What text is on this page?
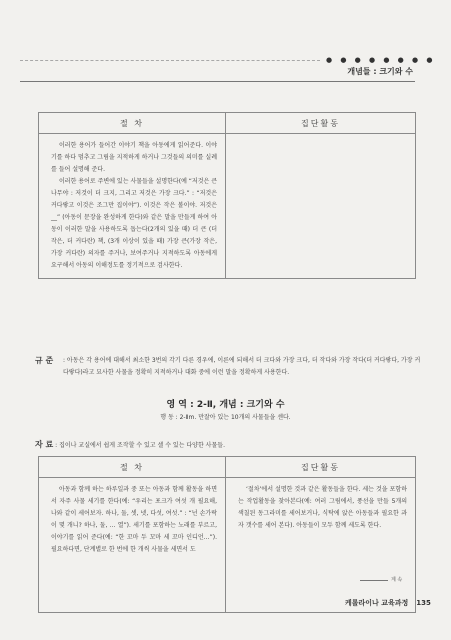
● ● ● ● ● ● ● ●
개념들 : 크기와 수
절 차	집단활동

이러한 용어가 들어간 이야기 책을 아동에게 읽어준다. 이야기를 하다 멈추고 그림을 지적하게 하거나 그것들의 의미를 실례를 들어 설명해 준다.

이러한 용어로 주변에 있는 사물들을 설명한다(예 “저것은 큰 나무야 : 저것이 더 크지, 그리고 저것은 가장 크다.” : “저것은 커다랗고 이것은 조그만 집이야”). 이것은 작은 볼이야. 저것은 __” (아동이 문장을 완성하게 한다)와 같은 말을 만들게 하여 아동이 이러한 말을 사용하도록 돕는다(2개의 있을 때) 더 큰 (더 작은, 더 커다란) 책, (3개 이상이 있을 때) 가장 큰(가장 작은, 가장 커다란) 의자를 주거나, 보여주거나 지적하도록 아동에게 요구해서 아동의 이해정도를 정기적으로 검사한다.	

규 준 : 아동은 각 용어에 대해서 최소한 3번의 각기 다른 경우에, 이른에 되해서 더 크다와 가장 크다, 더 작다와 가장 작다(더 커다랗다, 가장 커다랗다)라고 묘사한 사물을 정확히 지적하거나 대화 중에 이런 말을 정확하게 사용한다.
영 역 : 2-Ⅱ, 개념 : 크기와 수
행 동 : 2-Ⅱm. 만잘아 있는 10개의 사물들을 센다.
자 료 : 집이나 교실에서 쉽게 조작할 수 있고 셀 수 있는 다양한 사물들.
절 차	집단활동

아동과 함께 하는 하루일과 중 또는 아동과 함께 활동을 하면서 자주 사물 세기를 한다(예: “우리는 포크가 여섯 개 필요해, 나와 같이 세어보자. 하나, 둘, 셋, 넷, 다섯, 여섯.” : “넌 손가락이 몇 개니? 하나, 둘, … 열”). 세기를 포함하는 노래를 부르고, 이야기를 읽어 준다(예: “한 꼬마 두 꼬마 세 꼬마 인디언…”). 필요하다면, 단계별로 한 번에 한 개씩 사물을 세면서 도	‘절차’에서 설명한 것과 같은 활동들을 한다. 세는 것을 포함하는 작업활동을 찾아본다(예: 여러 그림에서, 풍선을 만들 5개의 색칠된 동그라미를 세어보거나, 식탁에 앉은 아동들과 필요한 과자 갯수를 세어 본다). 아동들이 모두 함께 세도록 한다.

계 속
케롤라이나 교육과정 135
